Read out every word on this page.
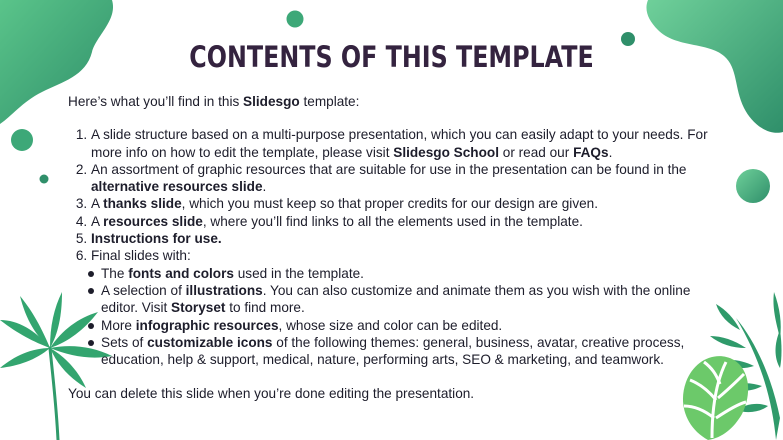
CONTENTS OF THIS TEMPLATE

Here’s what you’ll find in this Slidesgo template:

1. A slide structure based on a multi-purpose presentation, which you can easily adapt to your needs. For more info on how to edit the template, please visit Slidesgo School or read our FAQs.
2. An assortment of graphic resources that are suitable for use in the presentation can be found in the alternative resources slide.
3. A thanks slide, which you must keep so that proper credits for our design are given.
4. A resources slide, where you’ll find links to all the elements used in the template.
5. Instructions for use.
6. Final slides with:
The fonts and colors used in the template.
A selection of illustrations. You can also customize and animate them as you wish with the online editor. Visit Storyset to find more.
More infographic resources, whose size and color can be edited.
Sets of customizable icons of the following themes: general, business, avatar, creative process, education, help & support, medical, nature, performing arts, SEO & marketing, and teamwork.

You can delete this slide when you’re done editing the presentation.
